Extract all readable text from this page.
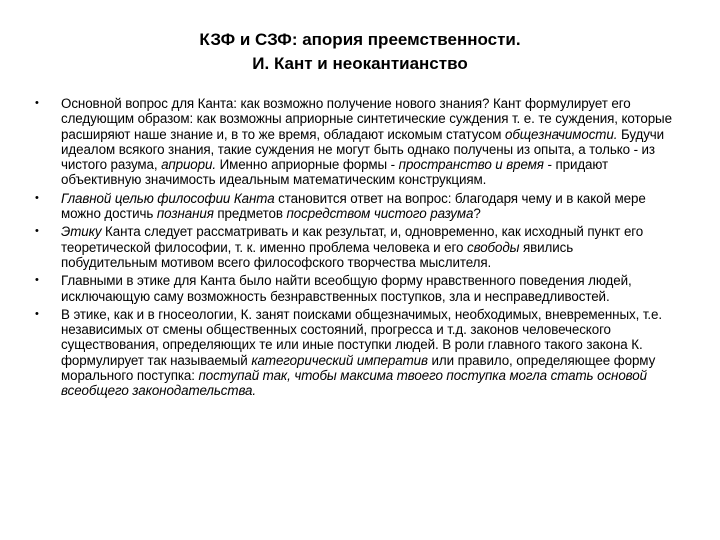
КЗФ и СЗФ: апория преемственности.
И. Кант и неокантианство
• Основной вопрос для Канта: как возможно получение нового знания? Кант формулирует его следующим образом: как возможны априорные синтетические суждения т. е. те суждения, которые расширяют наше знание и, в то же время, обладают искомым статусом общезначимости. Будучи идеалом всякого знания, такие суждения не могут быть однако получены из опыта, а только - из чистого разума, априори. Именно априорные формы - пространство и время - придают объективную значимость идеальным математическим конструкциям.
• Главной целью философии Канта становится ответ на вопрос: благодаря чему и в какой мере можно достичь познания предметов посредством чистого разума?
• Этику Канта следует рассматривать и как результат, и, одновременно, как исходный пункт его теоретической философии, т. к. именно проблема человека и его свободы явились побудительным мотивом всего философского творчества мыслителя.
• Главными в этике для Канта было найти всеобщую форму нравственного поведения людей, исключающую саму возможность безнравственных поступков, зла и несправедливостей.
• В этике, как и в гносеологии, К. занят поисками общезначимых, необходимых, вневременных, т.е. независимых от смены общественных состояний, прогресса и т.д. законов человеческого существования, определяющих те или иные поступки людей. В роли главного такого закона К. формулирует так называемый категорический императив или правило, определяющее форму морального поступка: поступай так, чтобы максима твоего поступка могла стать основой всеобщего законодательства.
